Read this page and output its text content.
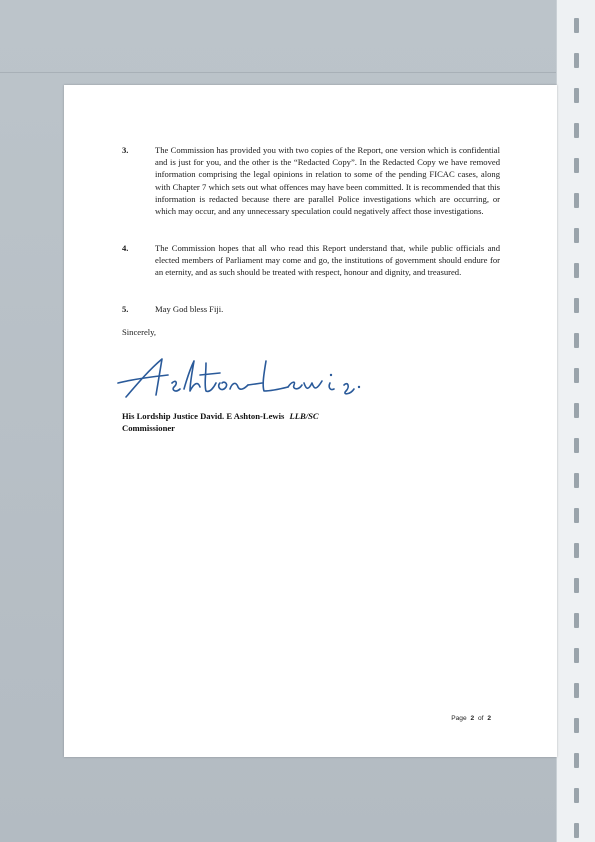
3.	The Commission has provided you with two copies of the Report, one version which is confidential and is just for you, and the other is the “Redacted Copy”. In the Redacted Copy we have removed information comprising the legal opinions in relation to some of the pending FICAC cases, along with Chapter 7 which sets out what offences may have been committed. It is recommended that this information is redacted because there are parallel Police investigations which are occurring, or which may occur, and any unnecessary speculation could negatively affect those investigations.
4.	The Commission hopes that all who read this Report understand that, while public officials and elected members of Parliament may come and go, the institutions of government should endure for an eternity, and as such should be treated with respect, honour and dignity, and treasured.
5.	May God bless Fiji.
Sincerely,
His Lordship Justice David. E Ashton-Lewis LLB/SC
Commissioner
Page 2 of 2
